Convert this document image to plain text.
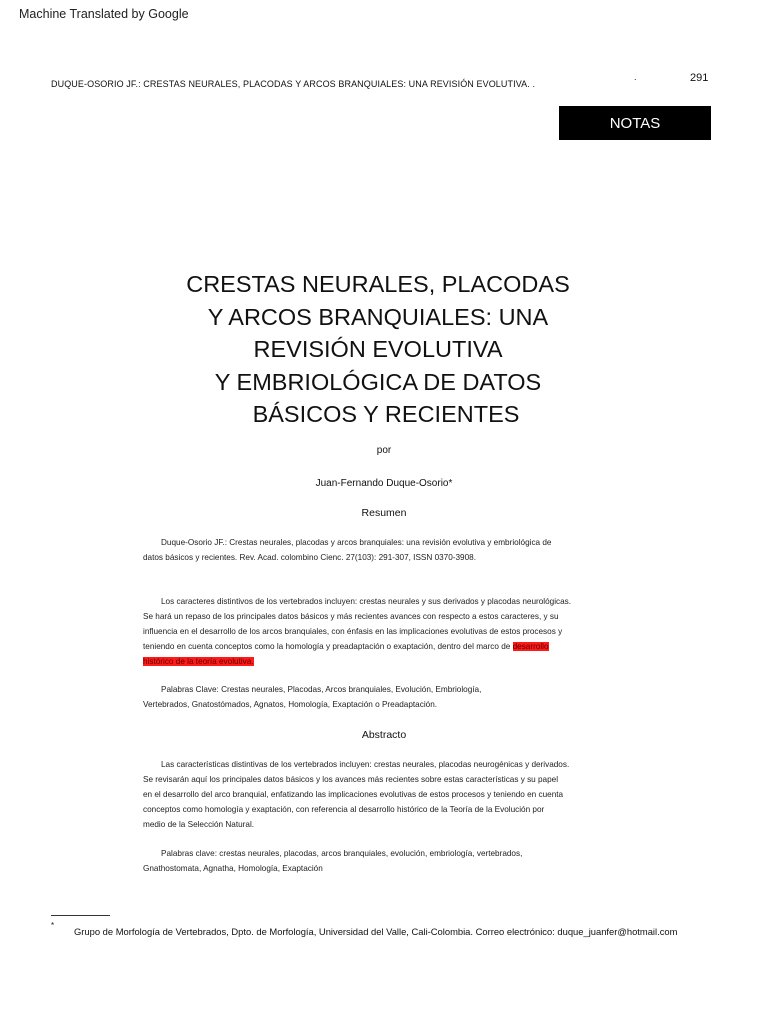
Machine Translated by Google
DUQUE-OSORIO JF.: CRESTAS NEURALES, PLACODAS Y ARCOS BRANQUIALES: UNA REVISIÓN EVOLUTIVA. .
.	291
NOTAS
CRESTAS NEURALES, PLACODAS
Y ARCOS BRANQUIALES: UNA
REVISIÓN EVOLUTIVA
Y EMBRIOLÓGICA DE DATOS
BÁSICOS Y RECIENTES
por
Juan-Fernando Duque-Osorio*
Resumen
Duque-Osorio JF.: Crestas neurales, placodas y arcos branquiales: una revisión evolutiva y embriológica de
datos básicos y recientes. Rev. Acad. colombino Cienc. 27(103): 291-307, ISSN 0370-3908.
Los caracteres distintivos de los vertebrados incluyen: crestas neurales y sus derivados y placodas neurológicas.
Se hará un repaso de los principales datos básicos y más recientes avances con respecto a estos caracteres, y su
influencia en el desarrollo de los arcos branquiales, con énfasis en las implicaciones evolutivas de estos procesos y
teniendo en cuenta conceptos como la homología y preadaptación o exaptación, dentro del marco de desarrollo
histórico de la teoría evolutiva.
Palabras Clave: Crestas neurales, Placodas, Arcos branquiales, Evolución, Embriología,
Vertebrados, Gnatostómados, Agnatos, Homología, Exaptación o Preadaptación.
Abstracto
Las características distintivas de los vertebrados incluyen: crestas neurales, placodas neurogénicas y derivados.
Se revisarán aquí los principales datos básicos y los avances más recientes sobre estas características y su papel
en el desarrollo del arco branquial, enfatizando las implicaciones evolutivas de estos procesos y teniendo en cuenta
conceptos como homología y exaptación, con referencia al desarrollo histórico de la Teoría de la Evolución por
medio de la Selección Natural.
Palabras clave: crestas neurales, placodas, arcos branquiales, evolución, embriología, vertebrados,
Gnathostomata, Agnatha, Homología, Exaptación
*
Grupo de Morfología de Vertebrados, Dpto. de Morfología, Universidad del Valle, Cali-Colombia. Correo electrónico: duque_juanfer@hotmail.com
